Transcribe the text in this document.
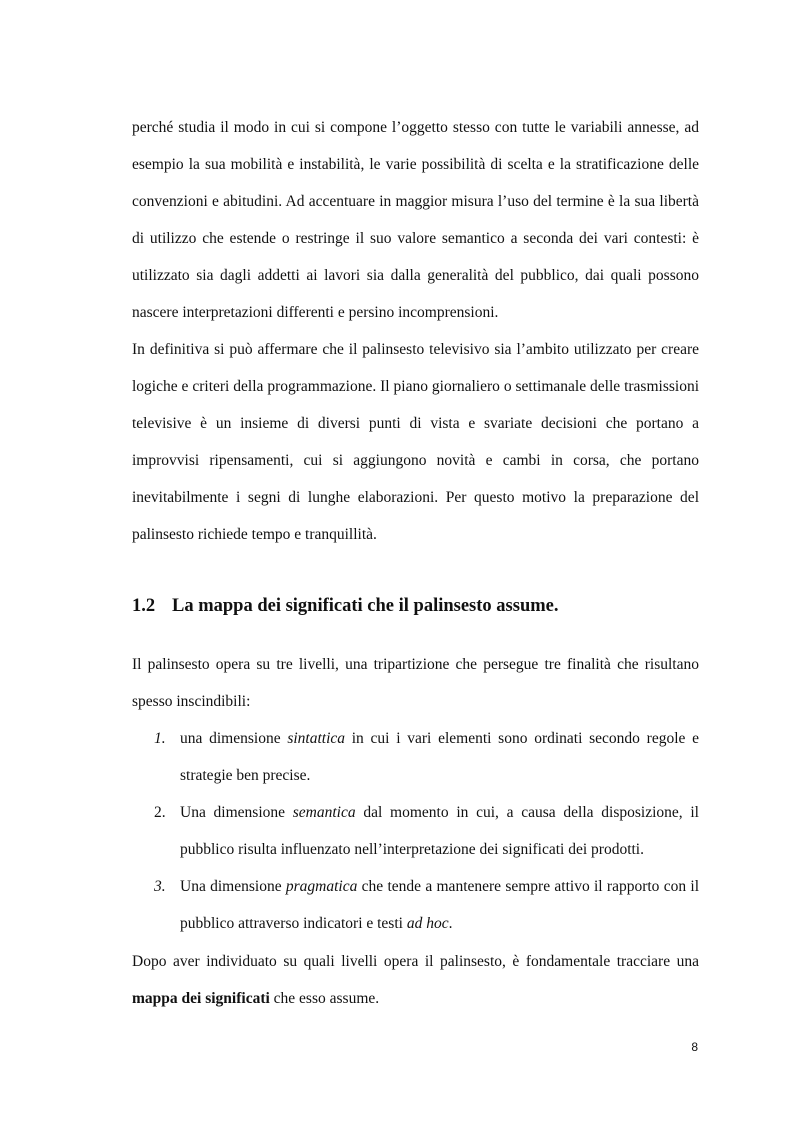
perché studia il modo in cui si compone l’oggetto stesso con tutte le variabili annesse, ad esempio la sua mobilità e instabilità, le varie possibilità di scelta e la stratificazione delle convenzioni e abitudini. Ad accentuare in maggior misura l’uso del termine è la sua libertà di utilizzo che estende o restringe il suo valore semantico a seconda dei vari contesti: è utilizzato sia dagli addetti ai lavori sia dalla generalità del pubblico, dai quali possono nascere interpretazioni differenti e persino incomprensioni.

In definitiva si può affermare che il palinsesto televisivo sia l’ambito utilizzato per creare logiche e criteri della programmazione. Il piano giornaliero o settimanale delle trasmissioni televisive è un insieme di diversi punti di vista e svariate decisioni che portano a improvvisi ripensamenti, cui si aggiungono novità e cambi in corsa, che portano inevitabilmente i segni di lunghe elaborazioni. Per questo motivo la preparazione del palinsesto richiede tempo e tranquillità.

1.2 La mappa dei significati che il palinsesto assume.

Il palinsesto opera su tre livelli, una tripartizione che persegue tre finalità che risultano spesso inscindibili:

1. una dimensione sintattica in cui i vari elementi sono ordinati secondo regole e strategie ben precise.
2. Una dimensione semantica dal momento in cui, a causa della disposizione, il pubblico risulta influenzato nell’interpretazione dei significati dei prodotti.
3. Una dimensione pragmatica che tende a mantenere sempre attivo il rapporto con il pubblico attraverso indicatori e testi ad hoc.

Dopo aver individuato su quali livelli opera il palinsesto, è fondamentale tracciare una mappa dei significati che esso assume.

8
